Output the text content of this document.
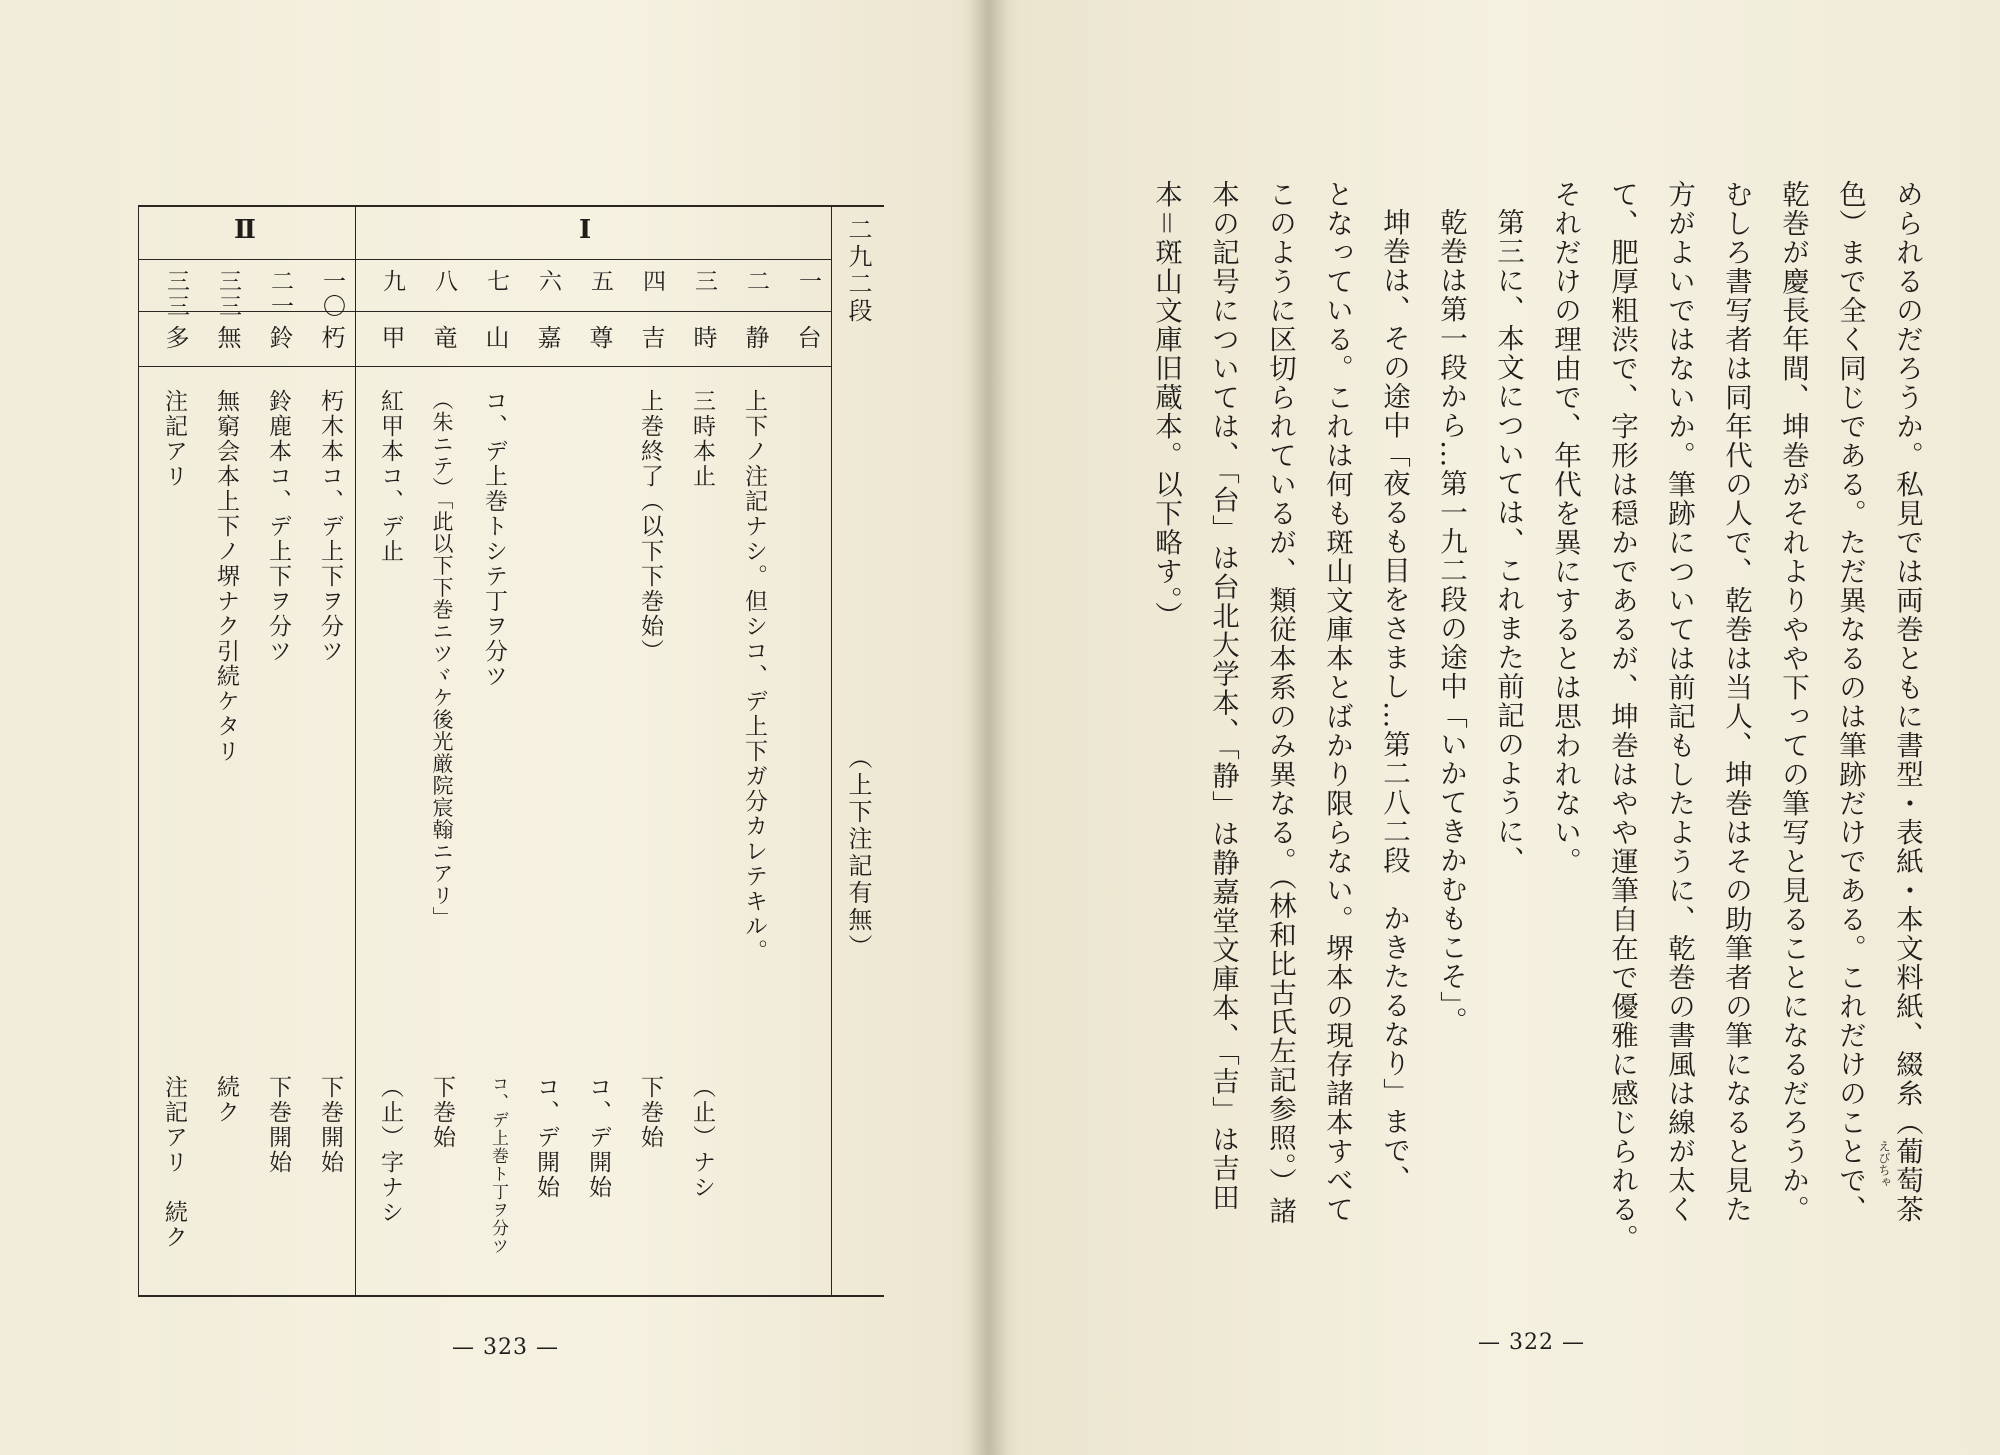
二九二段（上下注記有無）
Ⅱ	Ⅰ
一
台
二
静
上下ノ注記ナシ。但シコ、デ上下ガ分カレテキル。
三
時
三時本止
（止）ナシ
四
吉
上巻終了（以下下巻始）
下巻始
五
尊
コ、デ開始
六
嘉
コ、デ開始
七
山
コ、デ上巻トシテ丁ヲ分ツ
コ、デ上巻ト丁ヲ分ツ
八
竜
（朱ニテ）「此以下下巻ニツヾケ後光厳院宸翰ニアリ」
下巻始
九
甲
紅甲本コ、デ止
（止）字ナシ
一〇
朽
朽木本コ、デ上下ヲ分ツ
下巻開始
二一
鈴
鈴鹿本コ、デ上下ヲ分ツ
下巻開始
三三
無
無窮会本上下ノ堺ナク引続ケタリ
続ク
三三
多
注記アリ
注記アリ　続ク
— 323 —

められるのだろうか。私見では両巻ともに書型・表紙・本文料紙、綴糸（葡萄茶

色）まで全く同じである。ただ異なるのは筆跡だけである。これだけのことで、

乾巻が慶長年間、坤巻がそれよりやや下っての筆写と見ることになるだろうか。

むしろ書写者は同年代の人で、乾巻は当人、坤巻はその助筆者の筆になると見た

方がよいではないか。筆跡については前記もしたように、乾巻の書風は線が太く

て、肥厚粗渋で、字形は穏かであるが、坤巻はやや運筆自在で優雅に感じられる。

それだけの理由で、年代を異にするとは思われない。

第三に、本文については、これまた前記のように、

乾巻は第一段から…第一九二段の途中「いかてきかむもこそ」。

坤巻は、その途中「夜るも目をさまし…第二八二段　かきたるなり」まで、

となっている。これは何も斑山文庫本とばかり限らない。堺本の現存諸本すべて

このように区切られているが、類従本系のみ異なる。（林和比古氏左記参照。）諸

本の記号については、「台」は台北大学本、「静」は静嘉堂文庫本、「吉」は吉田

本＝斑山文庫旧蔵本。以下略す。）

えびちゃ
— 322 —
